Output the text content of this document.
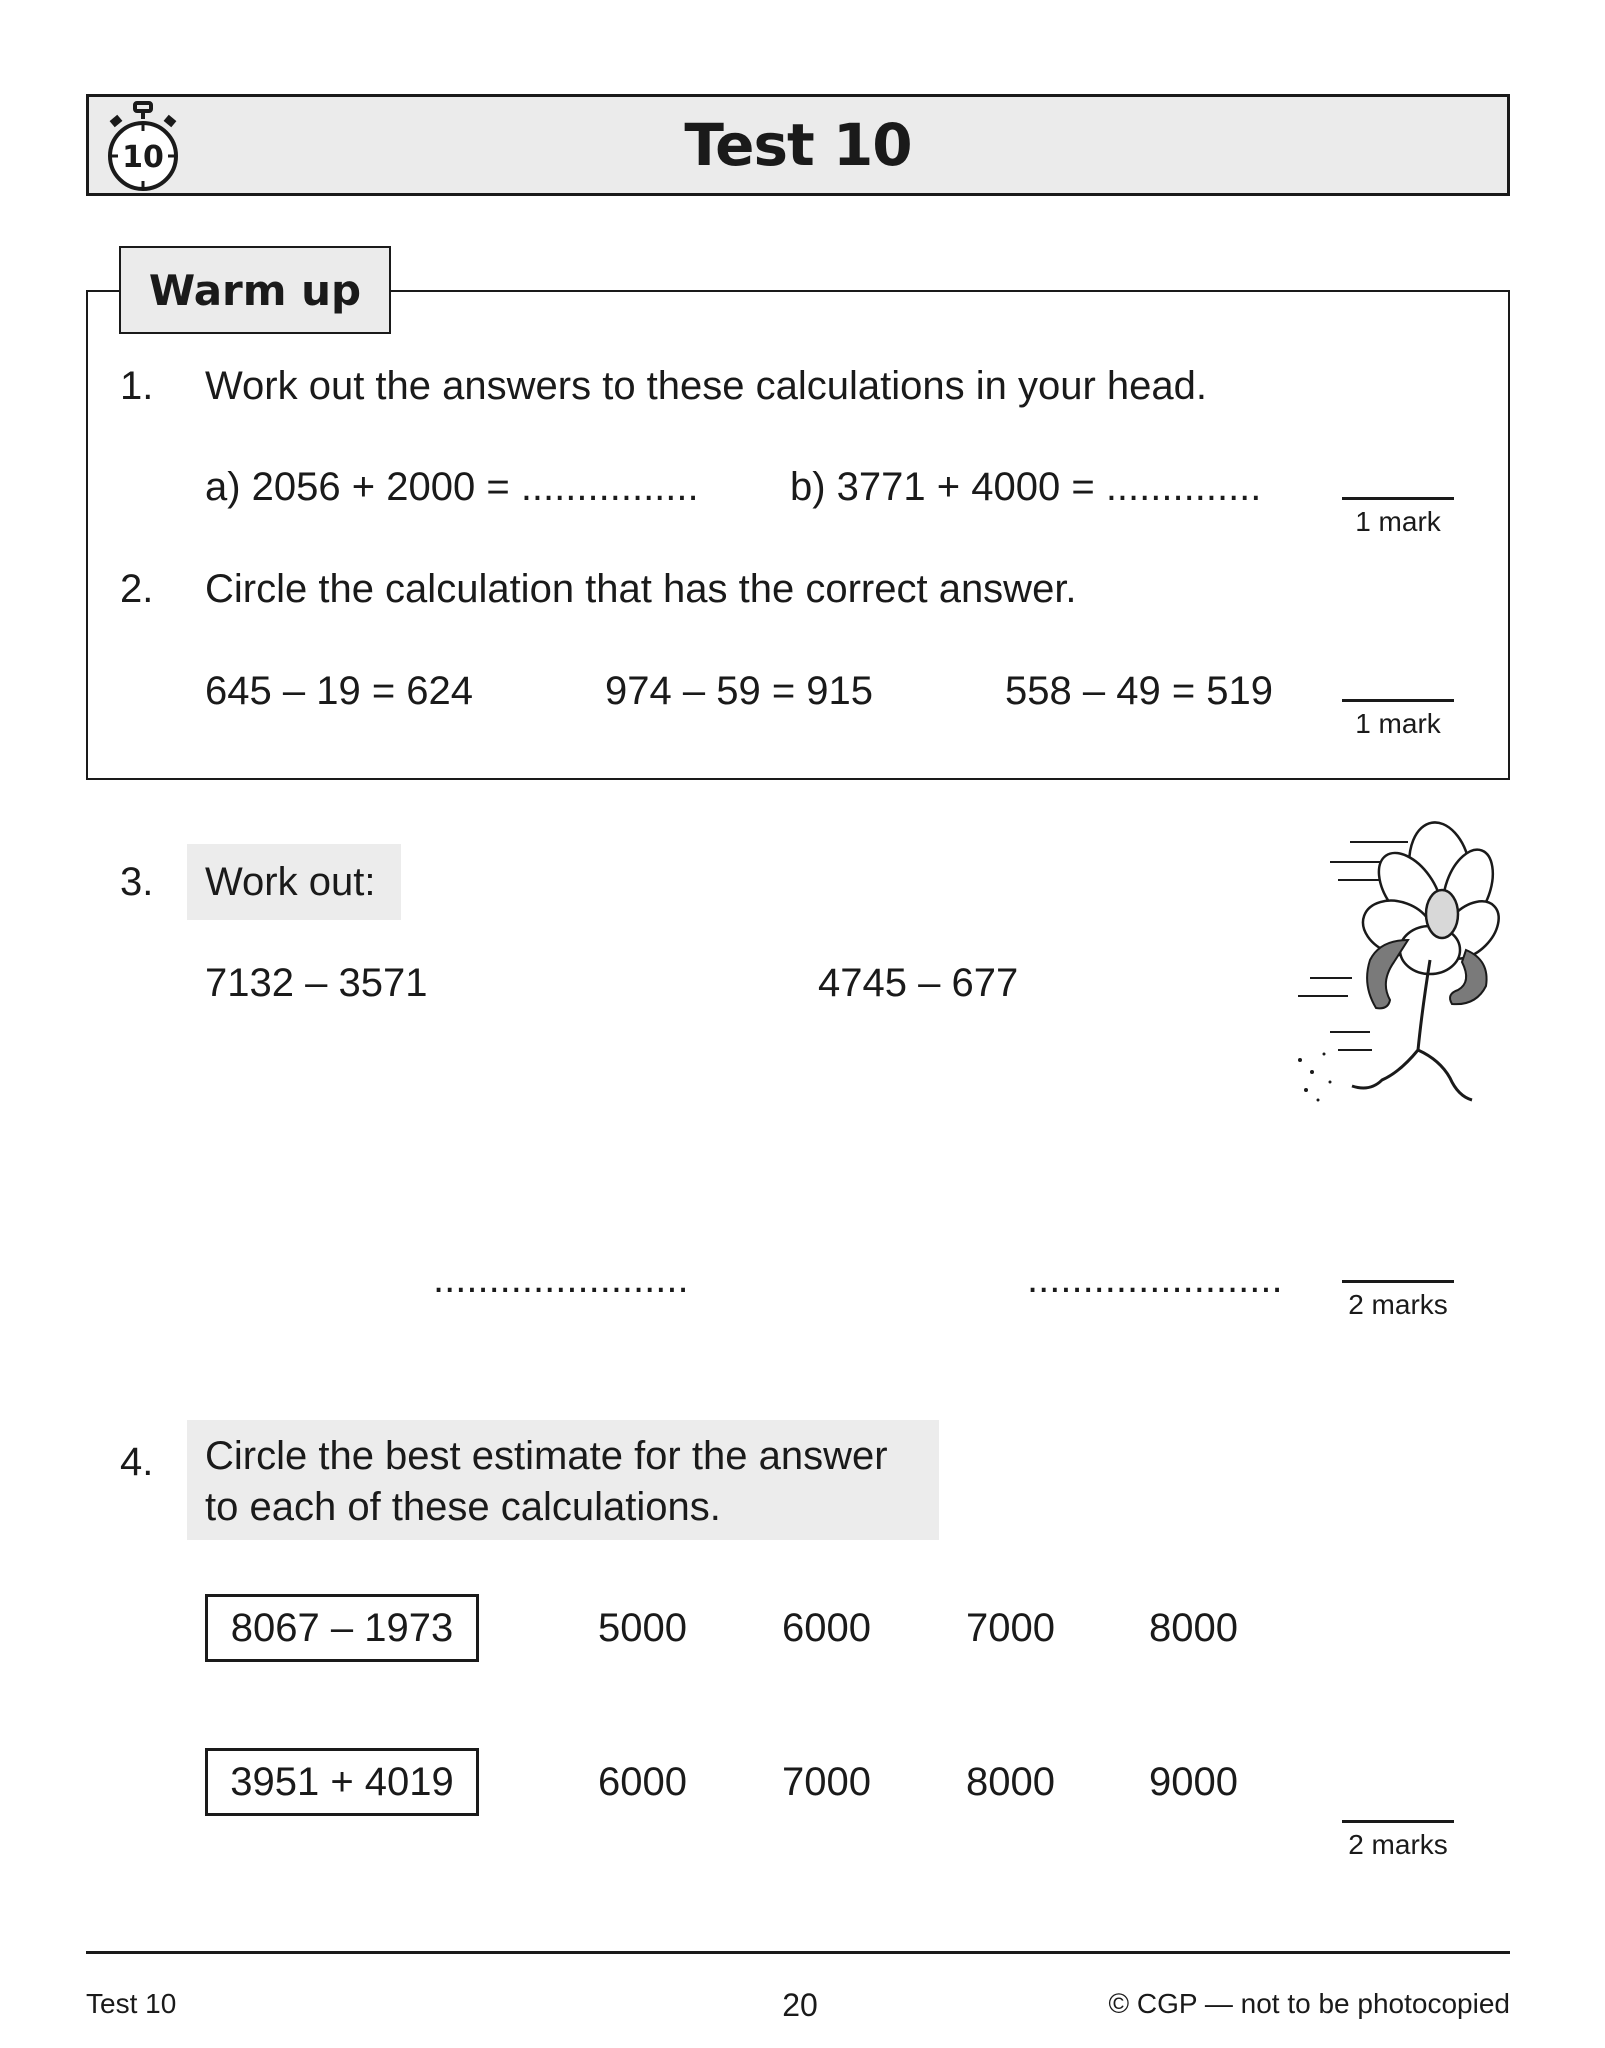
Test 10
10
Warm up
1. Work out the answers to these calculations in your head.
a) 2056 + 2000 = ................ b) 3771 + 4000 = ..............
1 mark
2. Circle the calculation that has the correct answer.
645 – 19 = 624	974 – 59 = 915	558 – 49 = 519
1 mark
3. Work out:
7132 – 3571	4745 – 677
.......................	.......................
2 marks
4. Circle the best estimate for the answer
to each of these calculations.
8067 – 1973	5000 6000 7000 8000
3951 + 4019	6000 7000 8000 9000
2 marks
Test 10	20	© CGP — not to be photocopied
